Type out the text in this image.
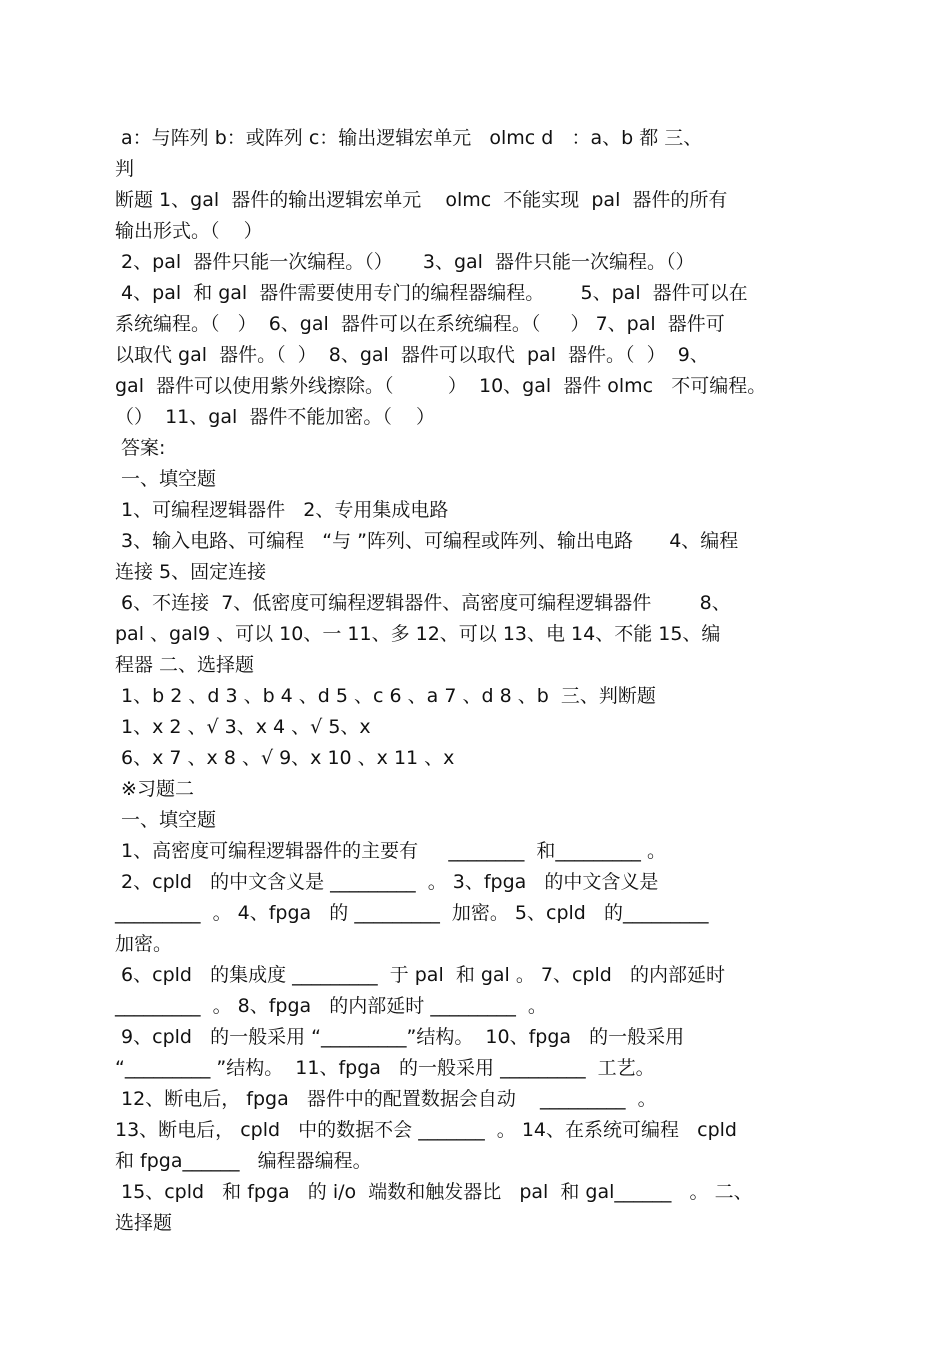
a：与阵列 b：或阵列 c：输出逻辑宏单元   olmc d   ：a、b 都 三、
判
断题 1、gal  器件的输出逻辑宏单元    olmc  不能实现  pal  器件的所有
输出形式。（    ）
2、pal  器件只能一次编程。（）     3、gal  器件只能一次编程。（）
4、pal  和 gal  器件需要使用专门的编程器编程。      5、pal  器件可以在
系统编程。（   ）  6、gal  器件可以在系统编程。（     ） 7、pal  器件可
以取代 gal  器件。（  ）  8、gal  器件可以取代  pal  器件。（  ）  9、
gal  器件可以使用紫外线擦除。（         ）  10、gal  器件 olmc   不可编程。
（）  11、gal  器件不能加密。（    ）
答案:
一、填空题
1、可编程逻辑器件   2、专用集成电路
3、输入电路、可编程   “与 ”阵列、可编程或阵列、输出电路      4、编程
连接 5、固定连接
6、不连接  7、低密度可编程逻辑器件、高密度可编程逻辑器件        8、
pal 、gal9 、可以 10、一 11、多 12、可以 13、电 14、不能 15、编
程器 二、选择题
1、b 2 、d 3 、b 4 、d 5 、c 6 、a 7 、d 8 、b  三、判断题
1、x 2 、√ 3、x 4 、√ 5、x
6、x 7 、x 8 、√ 9、x 10 、x 11 、x
※习题二
一、填空题
1、高密度可编程逻辑器件的主要有     ________  和_________ 。
2、cpld   的中文含义是 _________  。 3、fpga   的中文含义是
_________  。 4、fpga   的 _________  加密。 5、cpld   的_________
加密。
6、cpld   的集成度 _________  于 pal  和 gal 。 7、cpld   的内部延时
_________  。 8、fpga   的内部延时 _________  。
9、cpld   的一般采用 “_________”结构。  10、fpga   的一般采用
“_________ ”结构。  11、fpga   的一般采用 _________  工艺。
12、断电后， fpga   器件中的配置数据会自动    _________  。
13、断电后， cpld   中的数据不会 _______  。 14、在系统可编程   cpld
和 fpga______   编程器编程。
15、cpld   和 fpga   的 i/o  端数和触发器比   pal  和 gal______   。 二、
选择题
